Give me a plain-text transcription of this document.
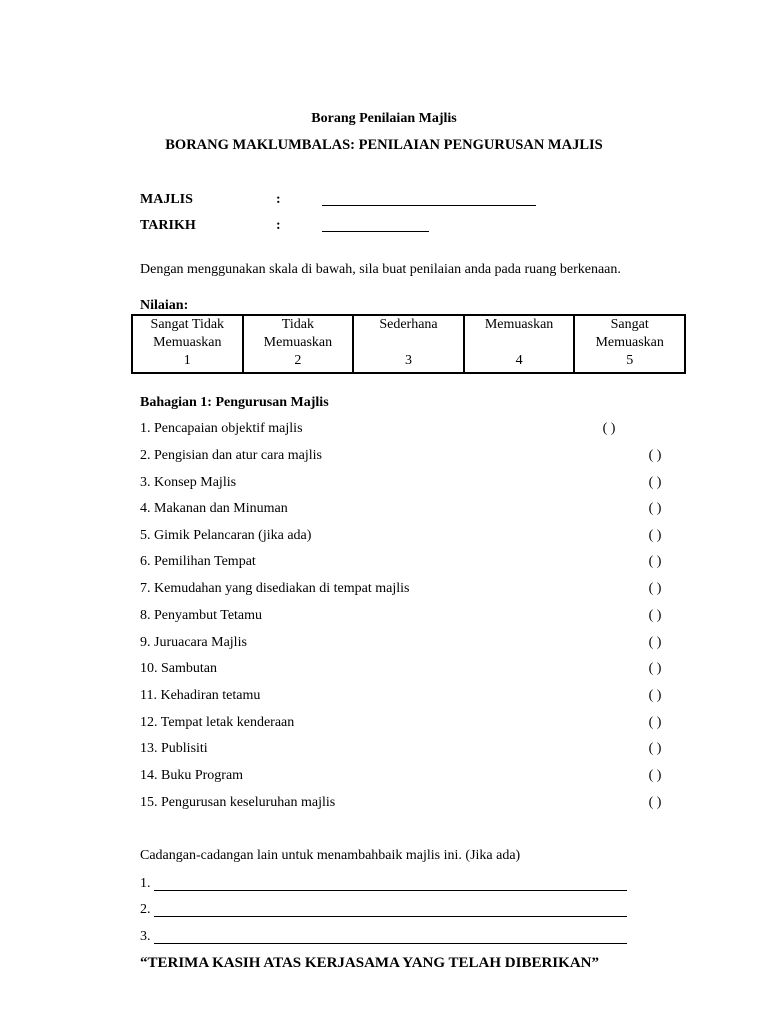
Borang Penilaian Majlis
BORANG MAKLUMBALAS: PENILAIAN PENGURUSAN MAJLIS
MAJLIS	:
TARIKH	:
Dengan menggunakan skala di bawah, sila buat penilaian anda pada ruang berkenaan.
Nilaian:
Sangat Tidak
Memuaskan
1

Tidak
Memuaskan
2

Sederhana
3

Memuaskan
4

Sangat
Memuaskan
5
Bahagian 1: Pengurusan Majlis
1. Pencapaian objektif majlis	( )
2. Pengisian dan atur cara majlis	( )
3. Konsep Majlis	( )
4. Makanan dan Minuman	( )
5. Gimik Pelancaran (jika ada)	( )
6. Pemilihan Tempat	( )
7. Kemudahan yang disediakan di tempat majlis	( )
8. Penyambut Tetamu	( )
9. Juruacara Majlis	( )
10. Sambutan	( )
11. Kehadiran tetamu	( )
12. Tempat letak kenderaan	( )
13. Publisiti	( )
14. Buku Program	( )
15. Pengurusan keseluruhan majlis	( )
Cadangan-cadangan lain untuk menambahbaik majlis ini. (Jika ada)
1.
2.
3.
“TERIMA KASIH ATAS KERJASAMA YANG TELAH DIBERIKAN”
